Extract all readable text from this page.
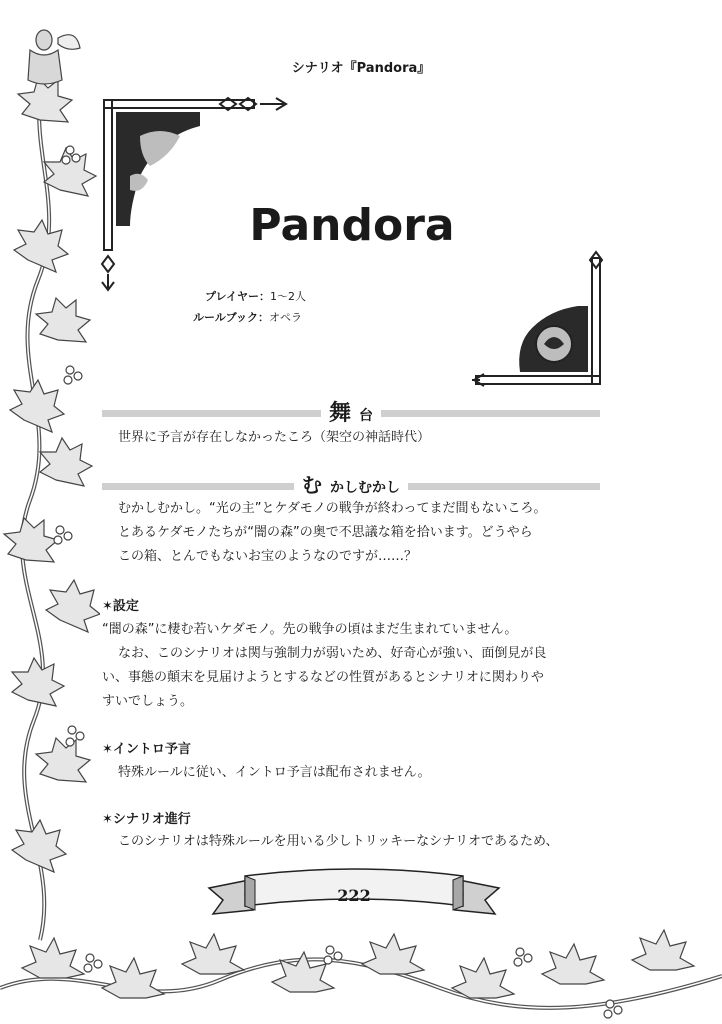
シナリオ『Pandora』
Pandora
プレイヤー：1〜2人
ルールブック：オペラ
舞 台
世界に予言が存在しなかったころ（架空の神話時代）
む かしむかし
むかしむかし。“光の主”とケダモノの戦争が終わってまだ間もないころ。
とあるケダモノたちが“闇の森”の奥で不思議な箱を拾います。どうやら
この箱、とんでもないお宝のようなのですが……？
✶設定
“闇の森”に棲む若いケダモノ。先の戦争の頃はまだ生まれていません。
なお、このシナリオは関与強制力が弱いため、好奇心が強い、面倒見が良
い、事態の顛末を見届けようとするなどの性質があるとシナリオに関わりや
すいでしょう。
✶イントロ予言
特殊ルールに従い、イントロ予言は配布されません。
✶シナリオ進行
このシナリオは特殊ルールを用いる少しトリッキーなシナリオであるため、
222
